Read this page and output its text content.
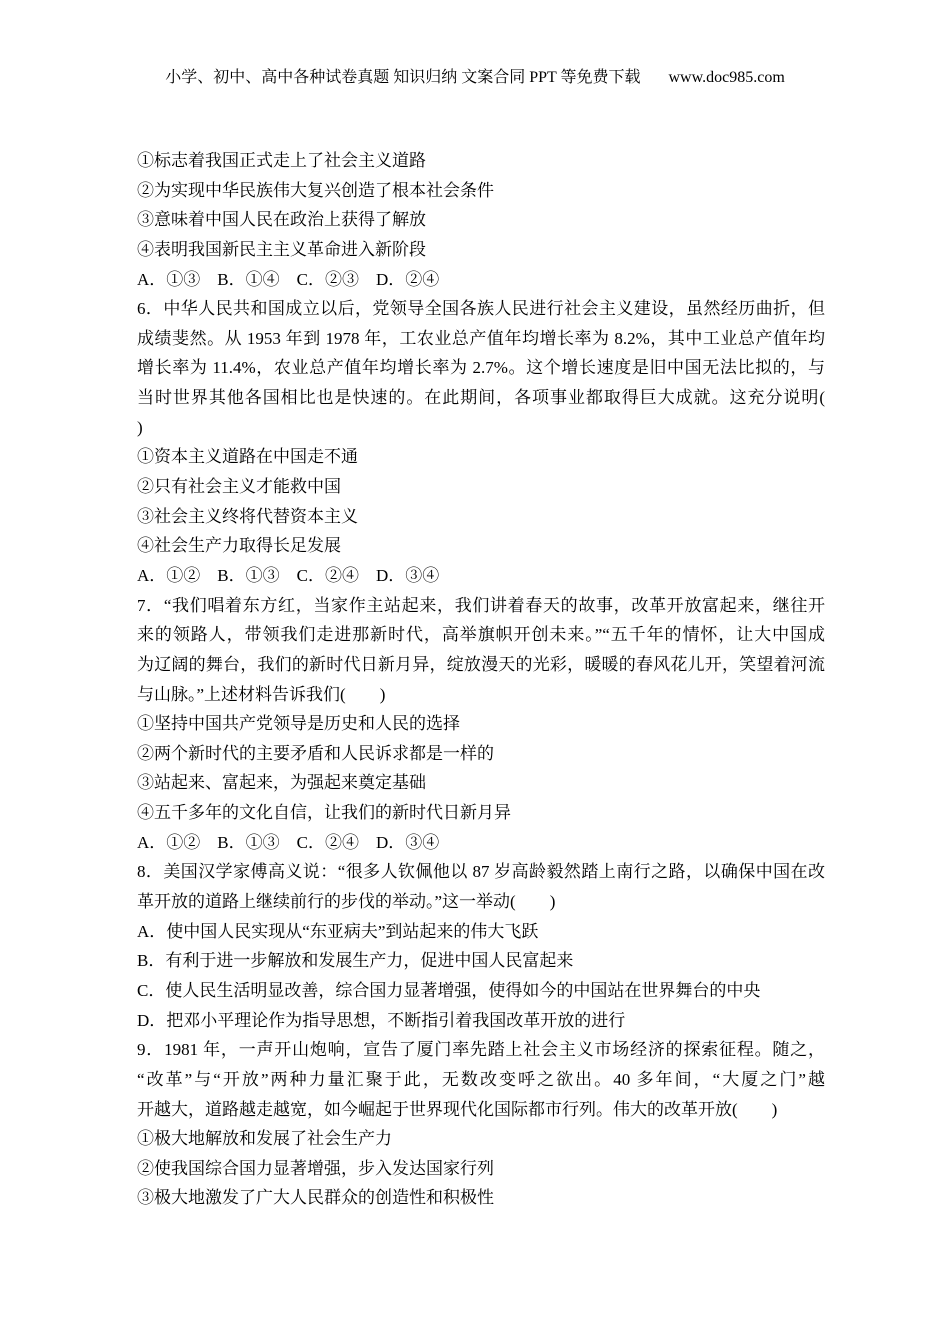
小学、初中、高中各种试卷真题 知识归纳 文案合同 PPT 等免费下载 www.doc985.com
①标志着我国正式走上了社会主义道路
②为实现中华民族伟大复兴创造了根本社会条件
③意味着中国人民在政治上获得了解放
④表明我国新民主主义革命进入新阶段
A．①③　B．①④　C．②③　D．②④
6．中华人民共和国成立以后，党领导全国各族人民进行社会主义建设，虽然经历曲折，但
成绩斐然。从 1953 年到 1978 年，工农业总产值年均增长率为 8.2%，其中工业总产值年均
增长率为 11.4%，农业总产值年均增长率为 2.7%。这个增长速度是旧中国无法比拟的，与
当时世界其他各国相比也是快速的。在此期间，各项事业都取得巨大成就。这充分说明(
)
①资本主义道路在中国走不通
②只有社会主义才能救中国
③社会主义终将代替资本主义
④社会生产力取得长足发展
A．①②　B．①③　C．②④　D．③④
7．“我们唱着东方红，当家作主站起来，我们讲着春天的故事，改革开放富起来，继往开
来的领路人，带领我们走进那新时代，高举旗帜开创未来。”“五千年的情怀，让大中国成
为辽阔的舞台，我们的新时代日新月异，绽放漫天的光彩，暖暖的春风花儿开，笑望着河流
与山脉。”上述材料告诉我们(　　)
①坚持中国共产党领导是历史和人民的选择
②两个新时代的主要矛盾和人民诉求都是一样的
③站起来、富起来，为强起来奠定基础
④五千多年的文化自信，让我们的新时代日新月异
A．①②　B．①③　C．②④　D．③④
8．美国汉学家傅高义说：“很多人钦佩他以 87 岁高龄毅然踏上南行之路，以确保中国在改
革开放的道路上继续前行的步伐的举动。”这一举动(　　)
A．使中国人民实现从“东亚病夫”到站起来的伟大飞跃
B．有利于进一步解放和发展生产力，促进中国人民富起来
C．使人民生活明显改善，综合国力显著增强，使得如今的中国站在世界舞台的中央
D．把邓小平理论作为指导思想，不断指引着我国改革开放的进行
9．1981 年，一声开山炮响，宣告了厦门率先踏上社会主义市场经济的探索征程。随之，
“改革”与“开放”两种力量汇聚于此，无数改变呼之欲出。40 多年间，“大厦之门”越
开越大，道路越走越宽，如今崛起于世界现代化国际都市行列。伟大的改革开放(　　)
①极大地解放和发展了社会生产力
②使我国综合国力显著增强，步入发达国家行列
③极大地激发了广大人民群众的创造性和积极性
